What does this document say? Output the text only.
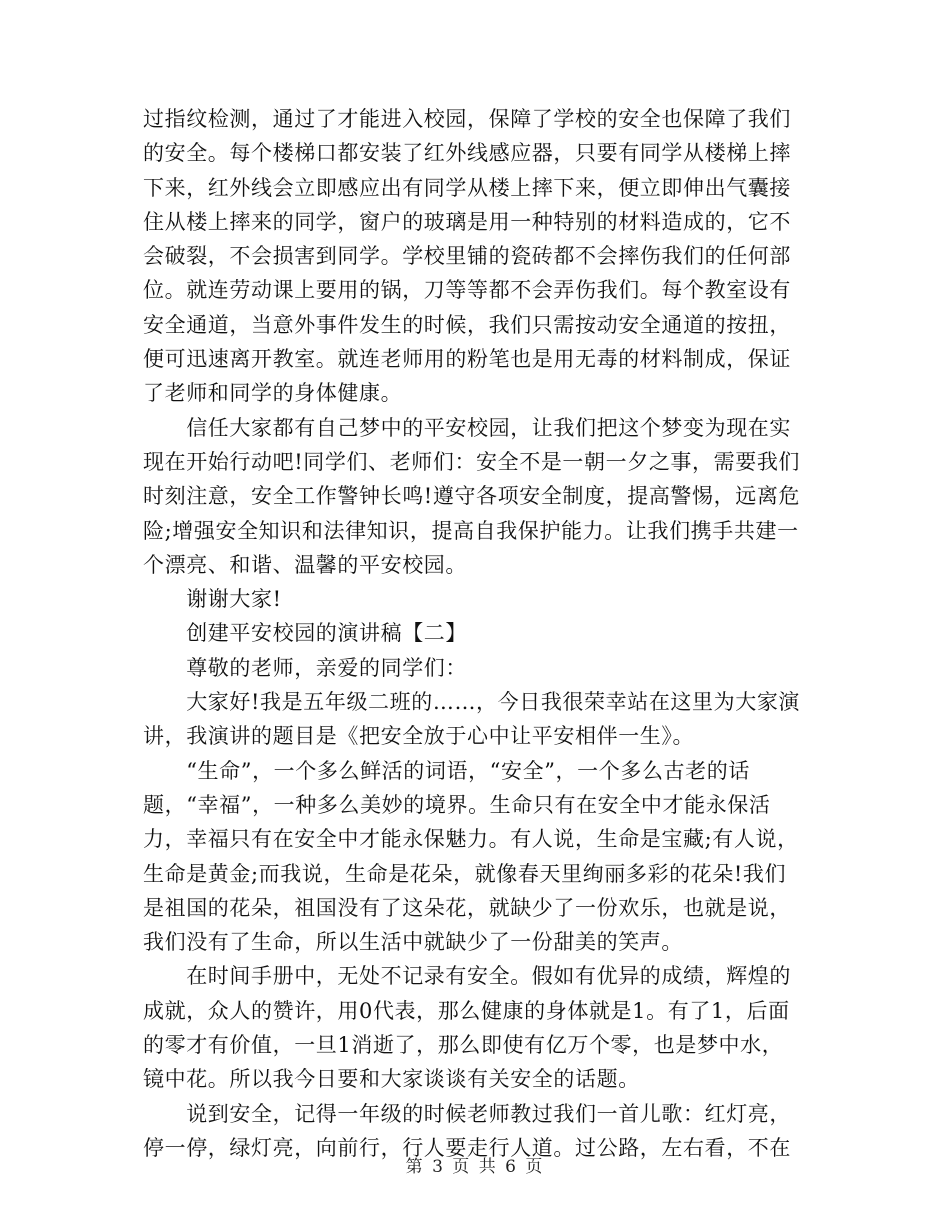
过指纹检测，通过了才能进入校园，保障了学校的安全也保障了我们
的安全。每个楼梯口都安装了红外线感应器，只要有同学从楼梯上摔
下来，红外线会立即感应出有同学从楼上摔下来，便立即伸出气囊接
住从楼上摔来的同学，窗户的玻璃是用一种特别的材料造成的，它不
会破裂，不会损害到同学。学校里铺的瓷砖都不会摔伤我们的任何部
位。就连劳动课上要用的锅，刀等等都不会弄伤我们。每个教室设有
安全通道，当意外事件发生的时候，我们只需按动安全通道的按扭，
便可迅速离开教室。就连老师用的粉笔也是用无毒的材料制成，保证
了老师和同学的身体健康。
　　信任大家都有自己梦中的平安校园，让我们把这个梦变为现在实
现在开始行动吧!同学们、老师们：安全不是一朝一夕之事，需要我们
时刻注意，安全工作警钟长鸣!遵守各项安全制度，提高警惕，远离危
险;增强安全知识和法律知识，提高自我保护能力。让我们携手共建一
个漂亮、和谐、温馨的平安校园。
　　谢谢大家!
　　创建平安校园的演讲稿【二】
　　尊敬的老师，亲爱的同学们：
　　大家好!我是五年级二班的……，今日我很荣幸站在这里为大家演
讲，我演讲的题目是《把安全放于心中让平安相伴一生》。
　　“生命”，一个多么鲜活的词语，“安全”，一个多么古老的话
题，“幸福”，一种多么美妙的境界。生命只有在安全中才能永保活
力，幸福只有在安全中才能永保魅力。有人说，生命是宝藏;有人说，
生命是黄金;而我说，生命是花朵，就像春天里绚丽多彩的花朵!我们
是祖国的花朵，祖国没有了这朵花，就缺少了一份欢乐，也就是说，
我们没有了生命，所以生活中就缺少了一份甜美的笑声。
　　在时间手册中，无处不记录有安全。假如有优异的成绩，辉煌的
成就，众人的赞许，用0代表，那么健康的身体就是1。有了1，后面
的零才有价值，一旦1消逝了，那么即使有亿万个零，也是梦中水，
镜中花。所以我今日要和大家谈谈有关安全的话题。
　　说到安全，记得一年级的时候老师教过我们一首儿歌：红灯亮，
停一停，绿灯亮，向前行，行人要走行人道。过公路，左右看，不在
第 3 页 共 6 页
